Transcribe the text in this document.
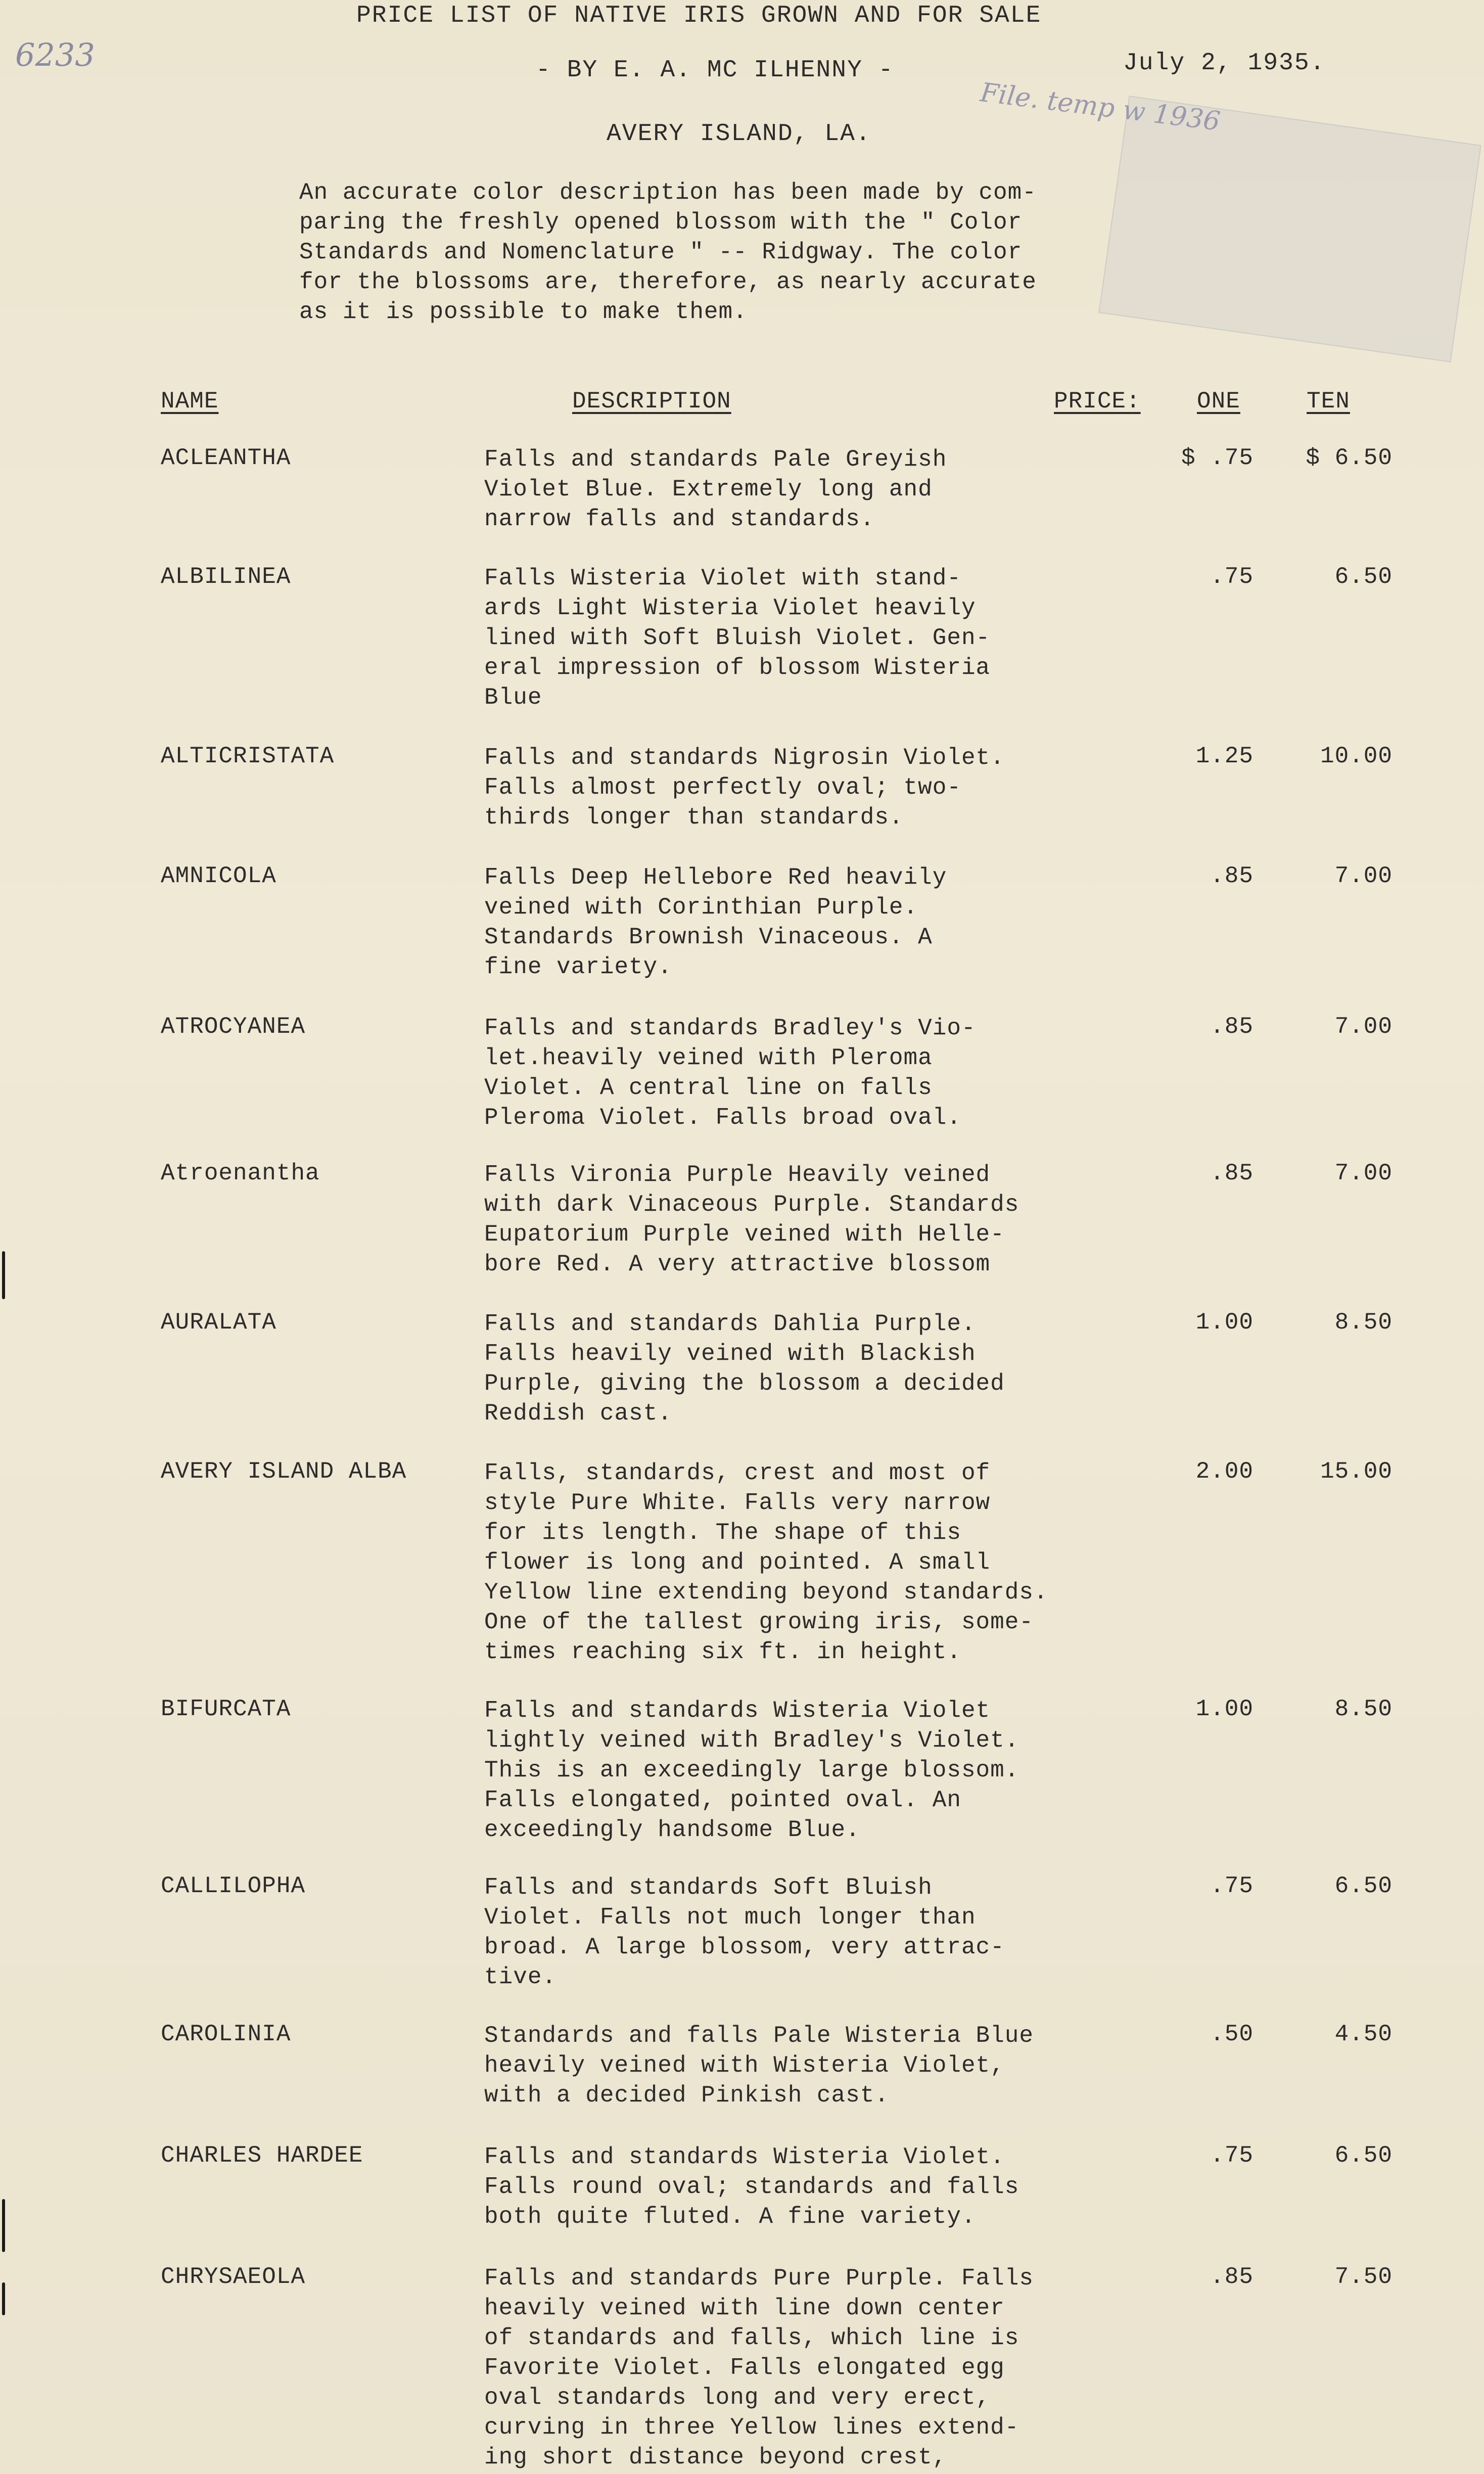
6233
PRICE LIST OF NATIVE IRIS GROWN AND FOR SALE
- BY E. A. MC ILHENNY -	July 2, 1935.
AVERY ISLAND, LA.	File. temp w 1936
An accurate color description has been made by com-
paring the freshly opened blossom with the " Color
Standards and Nomenclature " -- Ridgway. The color
for the blossoms are, therefore, as nearly accurate
as it is possible to make them.
NAME	DESCRIPTION	PRICE: ONE	TEN
ACLEANTHA	Falls and standards Pale Greyish
Violet Blue. Extremely long and
narrow falls and standards.
$ .75	$ 6.50
ALBILINEA	Falls Wisteria Violet with stand-
ards Light Wisteria Violet heavily
lined with Soft Bluish Violet. Gen-
eral impression of blossom Wisteria
Blue
.75	6.50
ALTICRISTATA	Falls and standards Nigrosin Violet.
Falls almost perfectly oval; two-
thirds longer than standards.
1.25	10.00
AMNICOLA	Falls Deep Hellebore Red heavily
veined with Corinthian Purple.
Standards Brownish Vinaceous. A
fine variety.
.85	7.00
ATROCYANEA	Falls and standards Bradley's Vio-
let.heavily veined with Pleroma
Violet. A central line on falls
Pleroma Violet. Falls broad oval.
.85	7.00
Atroenantha	Falls Vironia Purple Heavily veined
with dark Vinaceous Purple. Standards
Eupatorium Purple veined with Helle-
bore Red. A very attractive blossom
.85	7.00
AURALATA	Falls and standards Dahlia Purple.
Falls heavily veined with Blackish
Purple, giving the blossom a decided
Reddish cast.
1.00	8.50
AVERY ISLAND ALBA	Falls, standards, crest and most of
style Pure White. Falls very narrow
for its length. The shape of this
flower is long and pointed. A small
Yellow line extending beyond standards.
One of the tallest growing iris, some-
times reaching six ft. in height.
2.00	15.00
BIFURCATA	Falls and standards Wisteria Violet
lightly veined with Bradley's Violet.
This is an exceedingly large blossom.
Falls elongated, pointed oval. An
exceedingly handsome Blue.
1.00	8.50
CALLILOPHA	Falls and standards Soft Bluish
Violet. Falls not much longer than
broad. A large blossom, very attrac-
tive.
.75	6.50
CAROLINIA	Standards and falls Pale Wisteria Blue
heavily veined with Wisteria Violet,
with a decided Pinkish cast.
.50	4.50
CHARLES HARDEE	Falls and standards Wisteria Violet.
Falls round oval; standards and falls
both quite fluted. A fine variety.
.75	6.50
CHRYSAEOLA	Falls and standards Pure Purple. Falls
heavily veined with line down center
of standards and falls, which line is
Favorite Violet. Falls elongated egg
oval standards long and very erect,
curving in three Yellow lines extend-
ing short distance beyond crest,
.85	7.50
